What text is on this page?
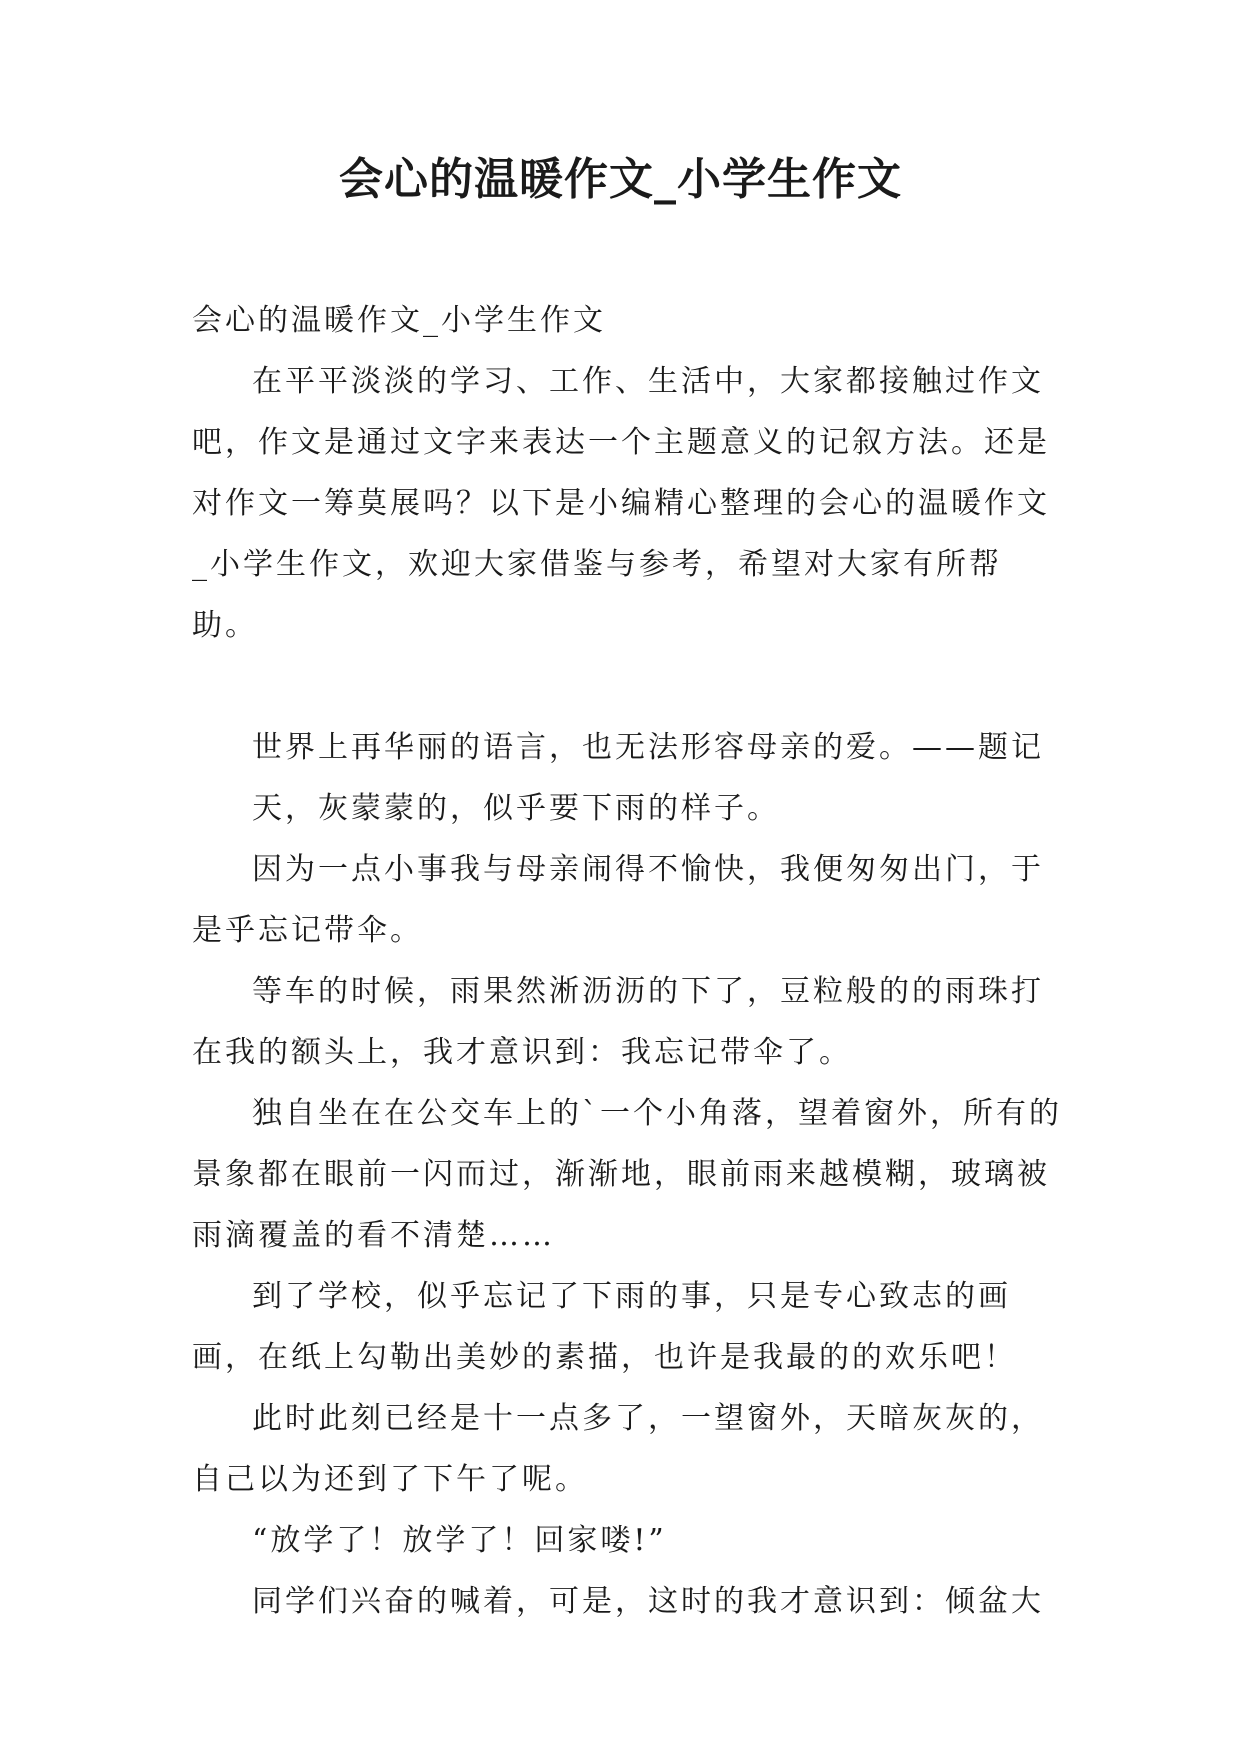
会心的温暖作文_小学生作文

会心的温暖作文_小学生作文

在平平淡淡的学习、工作、生活中，大家都接触过作文吧，作文是通过文字来表达一个主题意义的记叙方法。还是对作文一筹莫展吗？以下是小编精心整理的会心的温暖作文_小学生作文，欢迎大家借鉴与参考，希望对大家有所帮助。

世界上再华丽的语言，也无法形容母亲的爱。——题记

天，灰蒙蒙的，似乎要下雨的样子。

因为一点小事我与母亲闹得不愉快，我便匆匆出门，于是乎忘记带伞。

等车的时候，雨果然淅沥沥的下了，豆粒般的的雨珠打在我的额头上，我才意识到：我忘记带伞了。

独自坐在在公交车上的`一个小角落，望着窗外，所有的景象都在眼前一闪而过，渐渐地，眼前雨来越模糊，玻璃被雨滴覆盖的看不清楚……

到了学校，似乎忘记了下雨的事，只是专心致志的画画，在纸上勾勒出美妙的素描，也许是我最的的欢乐吧！

此时此刻已经是十一点多了，一望窗外，天暗灰灰的，自己以为还到了下午了呢。

“放学了！放学了！回家喽!”

同学们兴奋的喊着，可是，这时的我才意识到：倾盆大
